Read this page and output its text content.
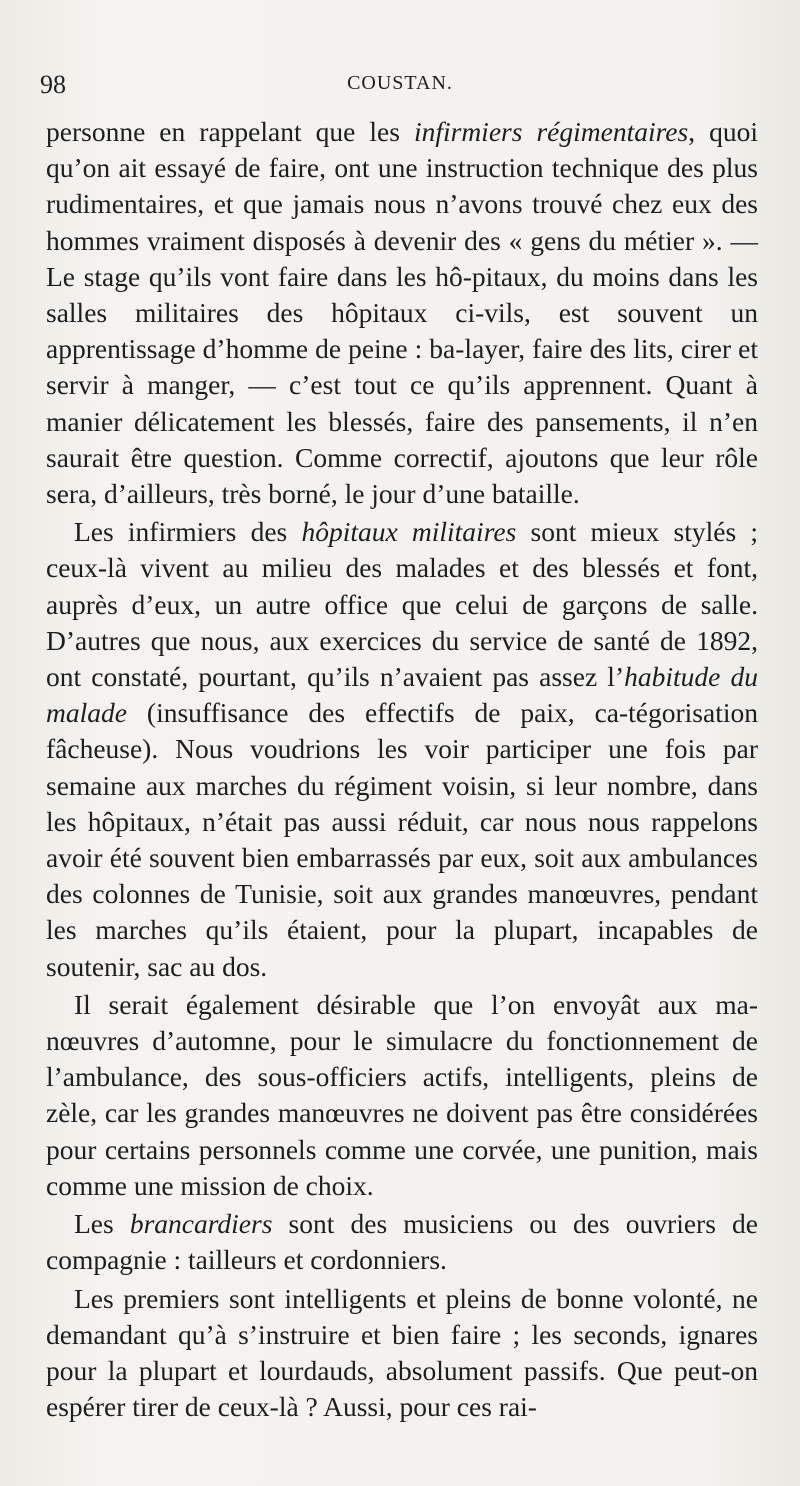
98	COUSTAN.

personne en rappelant que les infirmiers régimentaires, quoi qu’on ait essayé de faire, ont une instruction technique des plus rudimentaires, et que jamais nous n’avons trouvé chez eux des hommes vraiment disposés à devenir des « gens du métier ». — Le stage qu’ils vont faire dans les hô-pitaux, du moins dans les salles militaires des hôpitaux ci-vils, est souvent un apprentissage d’homme de peine : ba-layer, faire des lits, cirer et servir à manger, — c’est tout ce qu’ils apprennent. Quant à manier délicatement les blessés, faire des pansements, il n’en saurait être question. Comme correctif, ajoutons que leur rôle sera, d’ailleurs, très borné, le jour d’une bataille.

Les infirmiers des hôpitaux militaires sont mieux stylés ; ceux-là vivent au milieu des malades et des blessés et font, auprès d’eux, un autre office que celui de garçons de salle. D’autres que nous, aux exercices du service de santé de 1892, ont constaté, pourtant, qu’ils n’avaient pas assez l’habitude du malade (insuffisance des effectifs de paix, ca-tégorisation fâcheuse). Nous voudrions les voir participer une fois par semaine aux marches du régiment voisin, si leur nombre, dans les hôpitaux, n’était pas aussi réduit, car nous nous rappelons avoir été souvent bien embarrassés par eux, soit aux ambulances des colonnes de Tunisie, soit aux grandes manœuvres, pendant les marches qu’ils étaient, pour la plupart, incapables de soutenir, sac au dos.

Il serait également désirable que l’on envoyât aux ma-nœuvres d’automne, pour le simulacre du fonctionnement de l’ambulance, des sous-officiers actifs, intelligents, pleins de zèle, car les grandes manœuvres ne doivent pas être considérées pour certains personnels comme une corvée, une punition, mais comme une mission de choix.

Les brancardiers sont des musiciens ou des ouvriers de compagnie : tailleurs et cordonniers.

Les premiers sont intelligents et pleins de bonne volonté, ne demandant qu’à s’instruire et bien faire ; les seconds, ignares pour la plupart et lourdauds, absolument passifs. Que peut-on espérer tirer de ceux-là ? Aussi, pour ces rai-
